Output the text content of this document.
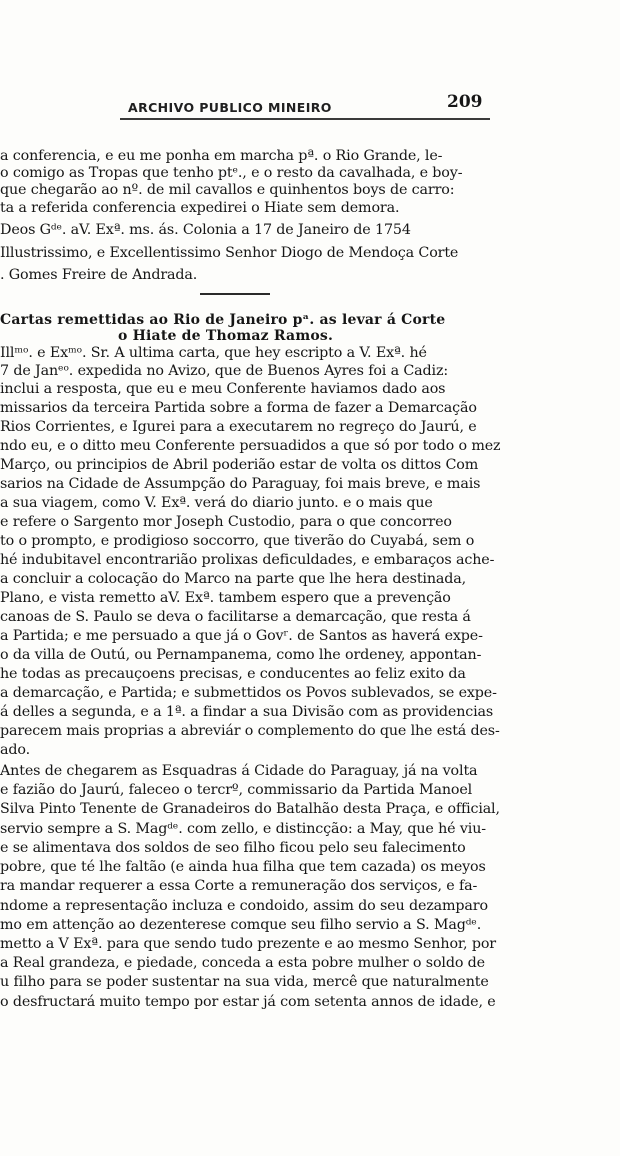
ARCHIVO PUBLICO MINEIRO	209
a conferencia, e eu me ponha em marcha pª. o Rio Grande, le-
o comigo as Tropas que tenho ptᵉ., e o resto da cavalhada, e boy-
que chegarão ao nº. de mil cavallos e quinhentos boys de carro:
ta a referida conferencia expedirei o Hiate sem demora.
Deos Gᵈᵉ. aV. Exª. ms. ás. Colonia a 17 de Janeiro de 1754
Illustrissimo, e Excellentissimo Senhor Diogo de Mendoça Corte
. Gomes Freire de Andrada.
Cartas remettidas ao Rio de Janeiro pᵃ. as levar á Corte
o Hiate de Thomaz Ramos.
Illᵐᵒ. e Exᵐᵒ. Sr. A ultima carta, que hey escripto a V. Exª. hé
7 de Janᵉᵒ. expedida no Avizo, que de Buenos Ayres foi a Cadiz:
inclui a resposta, que eu e meu Conferente haviamos dado aos
missarios da terceira Partida sobre a forma de fazer a Demarcação
Rios Corrientes, e Igurei para a executarem no regreço do Jaurú, e
ndo eu, e o ditto meu Conferente persuadidos a que só por todo o mez
Março, ou principios de Abril poderião estar de volta os dittos Com
sarios na Cidade de Assumpção do Paraguay, foi mais breve, e mais
a sua viagem, como V. Exª. verá do diario junto. e o mais que
e refere o Sargento mor Joseph Custodio, para o que concorreo
to o prompto, e prodigioso soccorro, que tiverão do Cuyabá, sem o
hé indubitavel encontrarião prolixas deficuldades, e embaraços ache-
a concluir a colocação do Marco na parte que lhe hera destinada,
Plano, e vista remetto aV. Exª. tambem espero que a prevenção
canoas de S. Paulo se deva o facilitarse a demarcação, que resta á
a Partida; e me persuado a que já o Govʳ. de Santos as haverá expe-
o da villa de Outú, ou Pernampanema, como lhe ordeney, appontan-
he todas as precauçoens precisas, e conducentes ao feliz exito da
a demarcação, e Partida; e submettidos os Povos sublevados, se expe-
á delles a segunda, e a 1ª. a findar a sua Divisão com as providencias
parecem mais proprias a abreviár o complemento do que lhe está des-
ado.
Antes de chegarem as Esquadras á Cidade do Paraguay, já na volta
e fazião do Jaurú, faleceo o tercrº, commissario da Partida Manoel
Silva Pinto Tenente de Granadeiros do Batalhão desta Praça, e official,
servio sempre a S. Magᵈᵉ. com zello, e distincção: a May, que hé viu-
e se alimentava dos soldos de seo filho ficou pelo seu falecimento
pobre, que té lhe faltão (e ainda hua filha que tem cazada) os meyos
ra mandar requerer a essa Corte a remuneração dos serviços, e fa-
ndome a representação incluza e condoido, assim do seu dezamparo
mo em attenção ao dezenterese comque seu filho servio a S. Magᵈᵉ.
metto a V Exª. para que sendo tudo prezente e ao mesmo Senhor, por
a Real grandeza, e piedade, conceda a esta pobre mulher o soldo de
u filho para se poder sustentar na sua vida, mercê que naturalmente
o desfructará muito tempo por estar já com setenta annos de idade, e
